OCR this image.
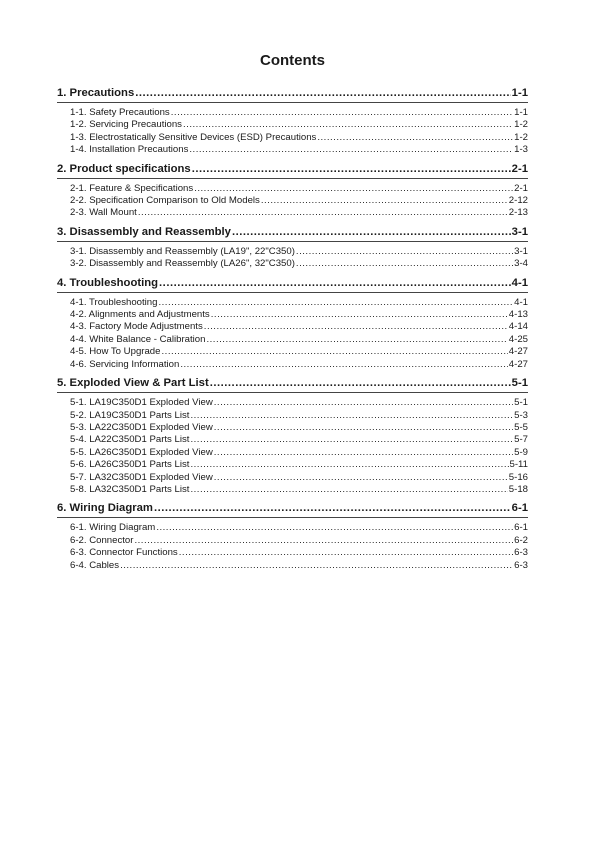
Contents
1. Precautions .....	1-1
1-1. Safety Precautions .....	1-1
1-2. Servicing Precautions .....	1-2
1-3. Electrostatically Sensitive Devices (ESD) Precautions .....	1-2
1-4. Installation Precautions .....	1-3
2. Product specifications .....	2-1
2-1. Feature & Specifications .....	2-1
2-2. Specification Comparison to Old Models .....	2-12
2-3. Wall Mount .....	2-13
3. Disassembly and Reassembly .....	3-1
3-1. Disassembly and Reassembly (LA19", 22"C350) .....	3-1
3-2. Disassembly and Reassembly (LA26", 32"C350) .....	3-4
4. Troubleshooting .....	4-1
4-1. Troubleshooting .....	4-1
4-2. Alignments and Adjustments .....	4-13
4-3. Factory Mode Adjustments .....	4-14
4-4. White Balance - Calibration .....	4-25
4-5. How To Upgrade .....	4-27
4-6. Servicing Information .....	4-27
5. Exploded View & Part List .....	5-1
5-1. LA19C350D1 Exploded View .....	5-1
5-2. LA19C350D1 Parts List .....	5-3
5-3. LA22C350D1 Exploded View .....	5-5
5-4. LA22C350D1 Parts List .....	5-7
5-5. LA26C350D1 Exploded View .....	5-9
5-6. LA26C350D1 Parts List .....	5-11
5-7. LA32C350D1 Exploded View .....	5-16
5-8. LA32C350D1 Parts List .....	5-18
6. Wiring Diagram .....	6-1
6-1. Wiring Diagram .....	6-1
6-2. Connector .....	6-2
6-3. Connector Functions .....	6-3
6-4. Cables .....	6-3
